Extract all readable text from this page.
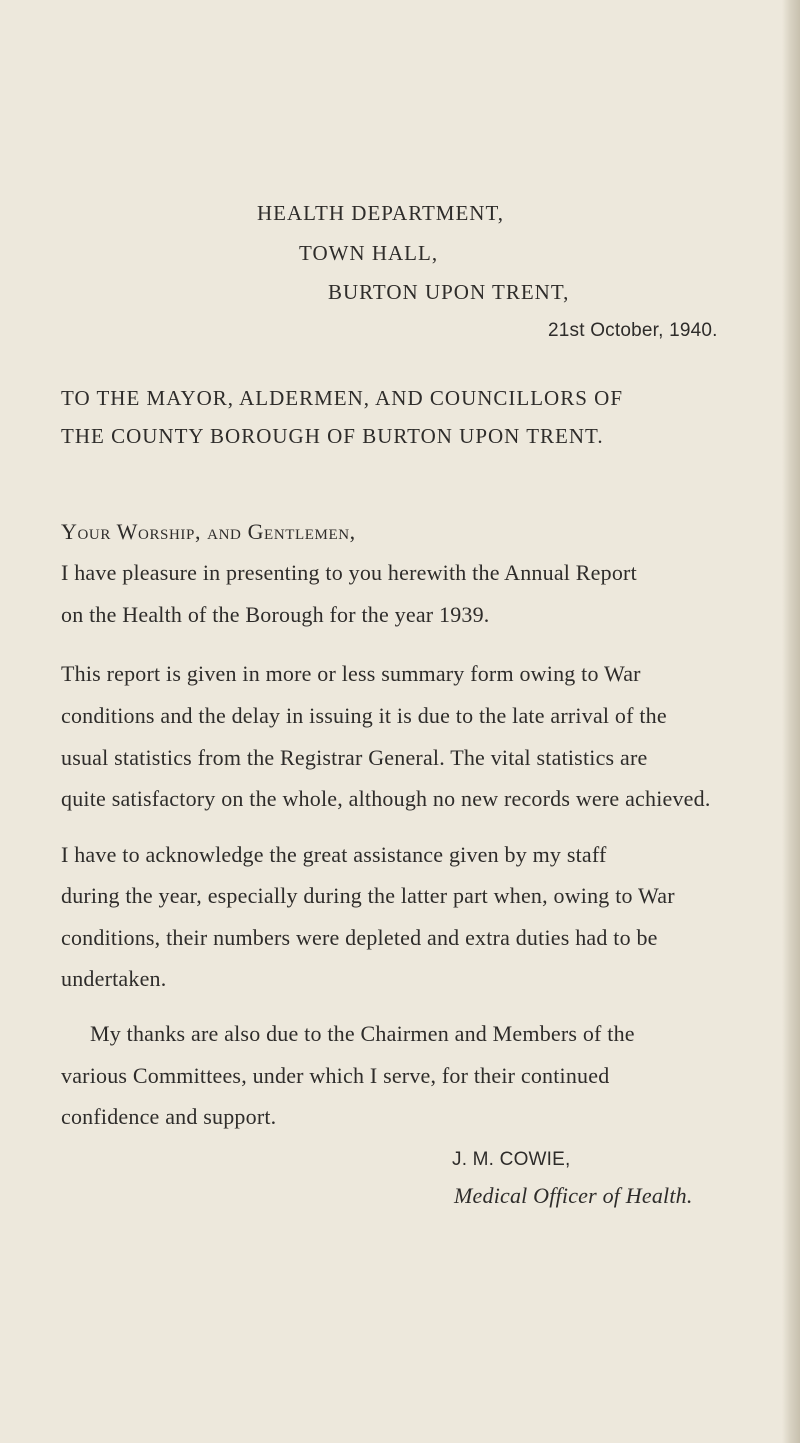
HEALTH DEPARTMENT,
TOWN HALL,
BURTON UPON TRENT,
21st October, 1940.
TO THE MAYOR, ALDERMEN, AND COUNCILLORS OF
THE COUNTY BOROUGH OF BURTON UPON TRENT.
Your Worship, and Gentlemen,
I have pleasure in presenting to you herewith the Annual Report
on the Health of the Borough for the year 1939.
This report is given in more or less summary form owing to War
conditions and the delay in issuing it is due to the late arrival of the
usual statistics from the Registrar General. The vital statistics are
quite satisfactory on the whole, although no new records were achieved.
I have to acknowledge the great assistance given by my staff
during the year, especially during the latter part when, owing to War
conditions, their numbers were depleted and extra duties had to be
undertaken.
My thanks are also due to the Chairmen and Members of the
various Committees, under which I serve, for their continued
confidence and support.
J. M. COWIE,
Medical Officer of Health.
